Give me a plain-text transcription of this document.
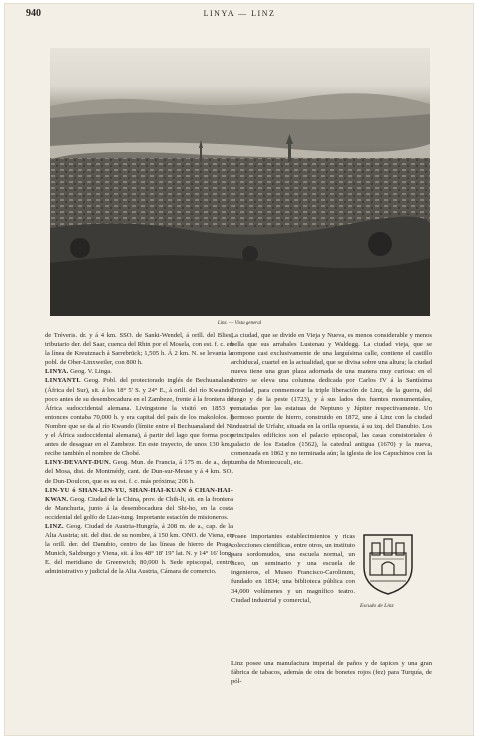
940	LINYA — LINZ
Linz. — Vista general

de Tréveris. dr. y á 4 km. SSO. de Sankt-Wendel, á orill. del Blies, tributario der. del Saar, cuenca del Rhin por el Mosela, con est. f. c. en la línea de Kreutznach á Sarrebrück; 1,505 h. Á 2 km. N. se levanta la pobl. de Ober-Linxweiler, con 800 h.

LINYA. Geog. V. Linga.

LINYANTI. Geog. Pobl. del protectorado inglés de Bechuanaland (África del Sur), sit. á los 18° 5' S. y 24° E., á orill. del río Kwando, poco antes de su desembocadura en el Zambeze, frente á la frontera de África sudoccidental alemana. Livingstone la visitó en 1853 y entonces contaba 70,000 h. y era capital del país de los makololos. || Nombre que se da al río Kwando (límite entre el Bechuanaland del N. y el África sudoccidental alemana), á partir del lago que forma poco antes de desaguar en el Zambeze. En este trayecto, de unos 130 km., recibe también el nombre de Chobé.

LINY-DEVANT-DUN. Geog. Mun. de Francia, á 175 m. de a., dep. del Mosa, dist. de Montmédy, cant. de Dun-sur-Meuse y á 4 km. SO. de Dun-Doulcon, que es su est. f. c. más próxima; 206 h.

LIN-YU ó SHAN-LIN-YU, SHAN-HAI-KUAN ó CHAN-HAI-KWAN. Geog. Ciudad de la China, prov. de Chih-li, sit. en la frontera de Manchuria, junto á la desembocadura del Shi-ho, en la costa occidental del golfo de Liao-tung. Importante estación de misioneros.

LINZ. Geog. Ciudad de Austria-Hungría, á 208 m. de a., cap. de la Alta Austria; sit. del dist. de su nombre, á 150 km. ONO. de Viena, en la orill. der. del Danubio, centro de las líneas de hierro de Praga, Munich, Salzburgo y Viena, sit. á los 48° 18' 19" lat. N. y 14° 16' long. E. del meridiano de Greenwich; 80,000 h. Sede episcopal, centro administrativo y judicial de la Alta Austria, Cámara de comercio.

La ciudad, que se divide en Vieja y Nueva, es menos considerable y menos bella que sus arrabales Lustenau y Waldegg. La ciudad vieja, que se compone casi exclusivamente de una larguísima calle, contiene el castillo archiducal, cuartel en la actualidad, que se divisa sobre una altura; la ciudad nueva tiene una gran plaza adornada de una manera muy curiosa: en el centro se eleva una columna dedicada por Carlos IV á la Santísima Trinidad, para conmemorar la triple liberación de Linz, de la guerra, del fuego y de la peste (1723), y á sus lados dos fuentes monumentales, rematadas por las estatuas de Neptuno y Júpiter respectivamente. Un hermoso puente de hierro, construido en 1872, une á Linz con la ciudad industrial de Urfahr, situada en la orilla opuesta, á su izq. del Danubio. Los principales edificios son el palacio episcopal, las casas consistoriales ó palacio de los Estados (1562), la catedral antigua (1670) y la nueva, comenzada en 1862 y no terminada aún; la iglesia de los Capuchinos con la tumba de Montecuculi, etc.

Posee importantes establecimientos y ricas colecciones científicas, entre otros, un instituto para sordomudos, una escuela normal, un liceo, un seminario y una escuela de ingenieros, el Museo Francisco-Carolinum, fundado en 1834; una biblioteca pública con 34,000 volúmenes y un magnífico teatro. Ciudad industrial y comercial,

Escudo de Linz

Linz posee una manufactura imperial de paños y de tapices y una gran fábrica de tabacos, además de otra de bonetes rojos (fez) para Turquía, de pól-
